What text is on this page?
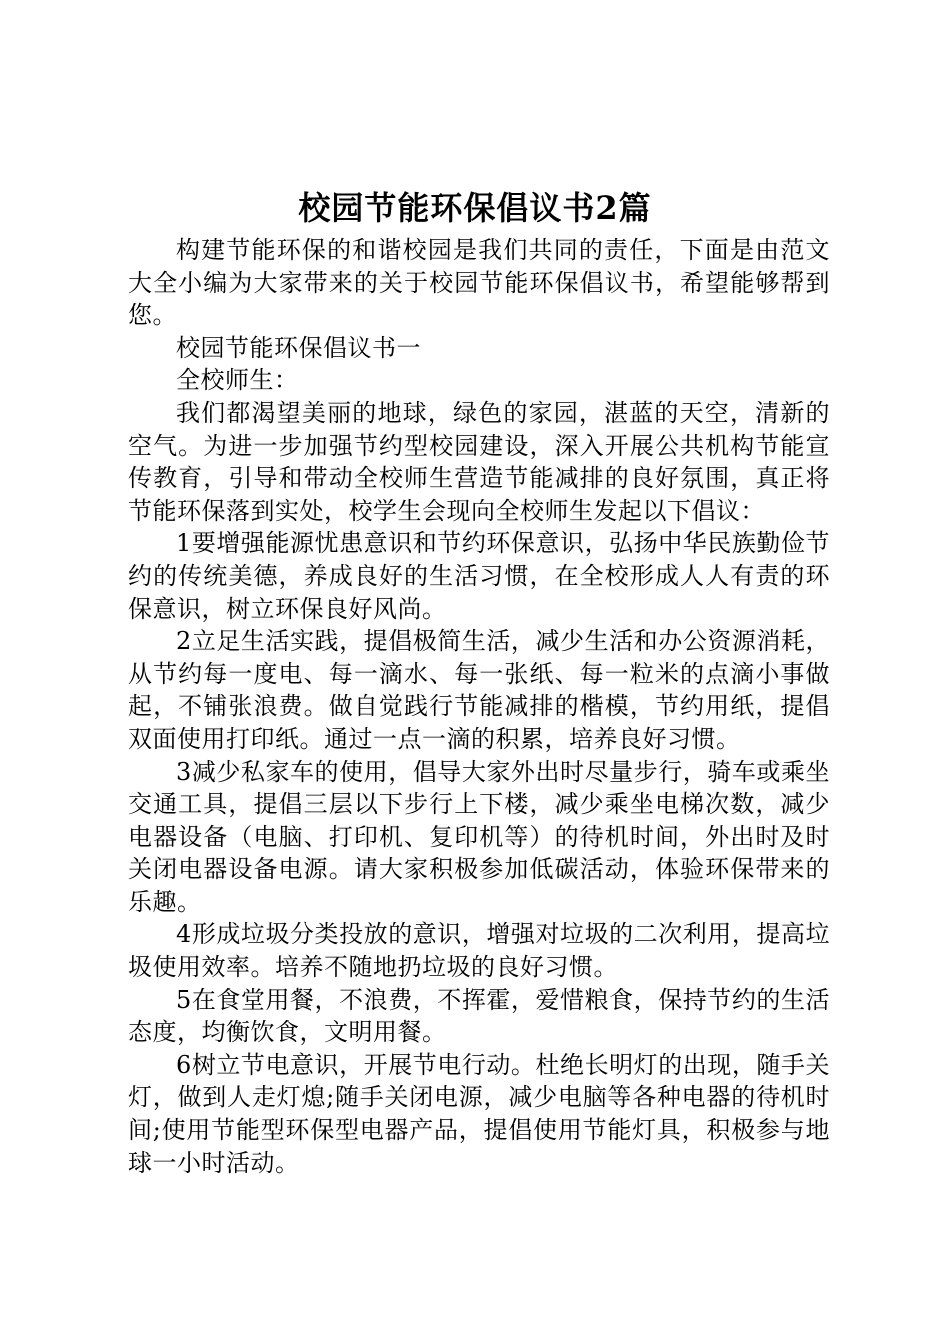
校园节能环保倡议书2篇

构建节能环保的和谐校园是我们共同的责任，下面是由范文大全小编为大家带来的关于校园节能环保倡议书，希望能够帮到您。

校园节能环保倡议书一

全校师生：

我们都渴望美丽的地球，绿色的家园，湛蓝的天空，清新的空气。为进一步加强节约型校园建设，深入开展公共机构节能宣传教育，引导和带动全校师生营造节能减排的良好氛围，真正将节能环保落到实处，校学生会现向全校师生发起以下倡议：

1要增强能源忧患意识和节约环保意识，弘扬中华民族勤俭节约的传统美德，养成良好的生活习惯，在全校形成人人有责的环保意识，树立环保良好风尚。

2立足生活实践，提倡极简生活，减少生活和办公资源消耗，从节约每一度电、每一滴水、每一张纸、每一粒米的点滴小事做起，不铺张浪费。做自觉践行节能减排的楷模，节约用纸，提倡双面使用打印纸。通过一点一滴的积累，培养良好习惯。

3减少私家车的使用，倡导大家外出时尽量步行，骑车或乘坐交通工具，提倡三层以下步行上下楼，减少乘坐电梯次数，减少电器设备（电脑、打印机、复印机等）的待机时间，外出时及时关闭电器设备电源。请大家积极参加低碳活动，体验环保带来的乐趣。

4形成垃圾分类投放的意识，增强对垃圾的二次利用，提高垃圾使用效率。培养不随地扔垃圾的良好习惯。

5在食堂用餐，不浪费，不挥霍，爱惜粮食，保持节约的生活态度，均衡饮食，文明用餐。

6树立节电意识，开展节电行动。杜绝长明灯的出现，随手关灯，做到人走灯熄;随手关闭电源，减少电脑等各种电器的待机时间;使用节能型环保型电器产品，提倡使用节能灯具，积极参与地球一小时活动。
